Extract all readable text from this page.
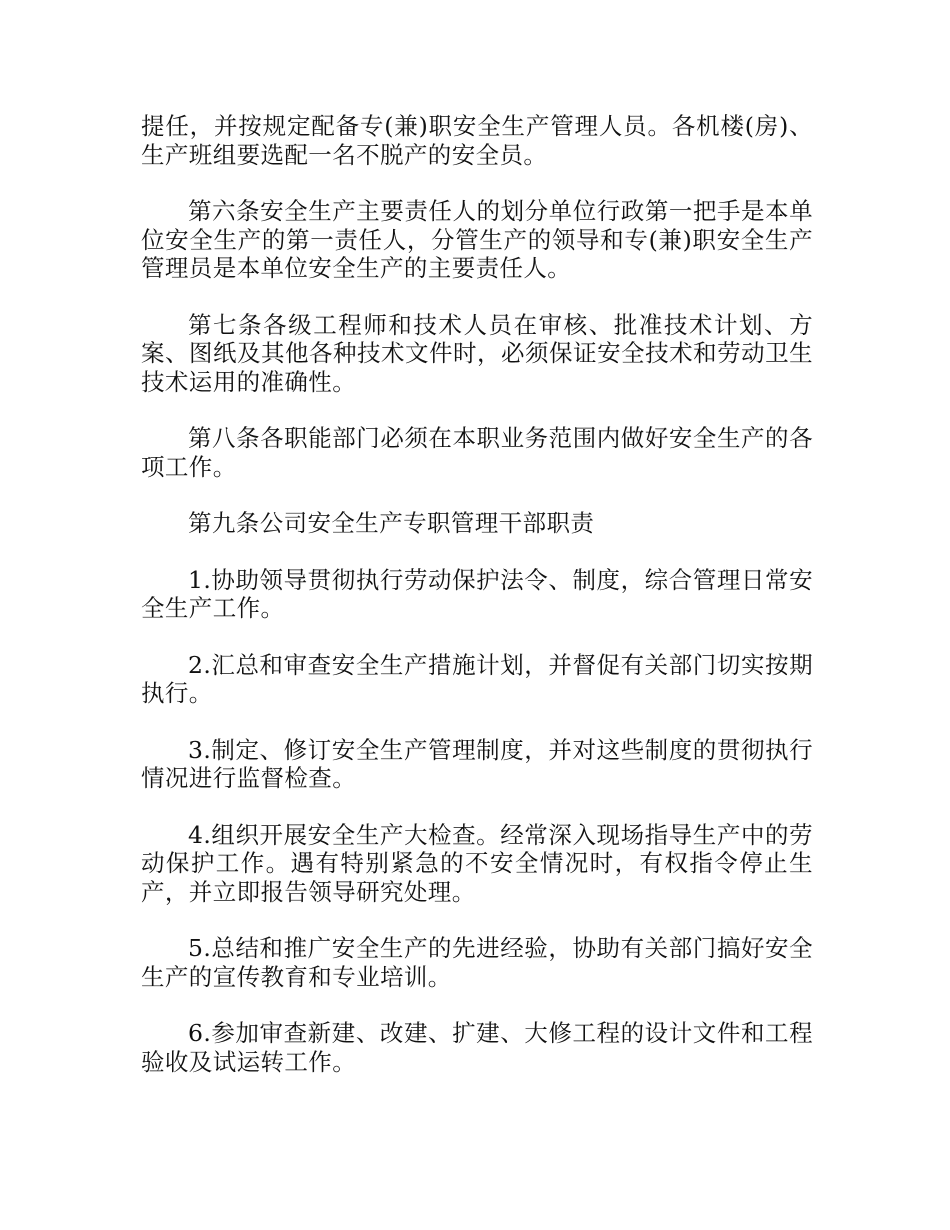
提任，并按规定配备专(兼)职安全生产管理人员。各机楼(房)、生产班组要选配一名不脱产的安全员。

第六条安全生产主要责任人的划分单位行政第一把手是本单位安全生产的第一责任人，分管生产的领导和专(兼)职安全生产管理员是本单位安全生产的主要责任人。

第七条各级工程师和技术人员在审核、批准技术计划、方案、图纸及其他各种技术文件时，必须保证安全技术和劳动卫生技术运用的准确性。

第八条各职能部门必须在本职业务范围内做好安全生产的各项工作。

第九条公司安全生产专职管理干部职责

1.协助领导贯彻执行劳动保护法令、制度，综合管理日常安全生产工作。

2.汇总和审查安全生产措施计划，并督促有关部门切实按期执行。

3.制定、修订安全生产管理制度，并对这些制度的贯彻执行情况进行监督检查。

4.组织开展安全生产大检查。经常深入现场指导生产中的劳动保护工作。遇有特别紧急的不安全情况时，有权指令停止生产，并立即报告领导研究处理。

5.总结和推广安全生产的先进经验，协助有关部门搞好安全生产的宣传教育和专业培训。

6.参加审查新建、改建、扩建、大修工程的设计文件和工程验收及试运转工作。
